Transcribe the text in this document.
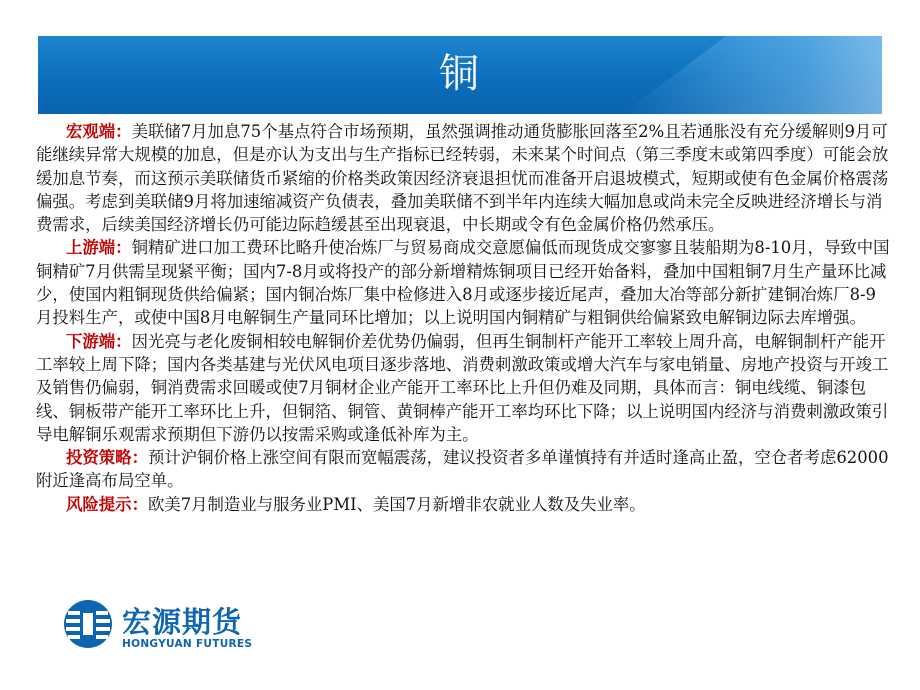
铜

宏观端：美联储7月加息75个基点符合市场预期，虽然强调推动通货膨胀回落至2%且若通胀没有充分缓解则9月可能继续异常大规模的加息，但是亦认为支出与生产指标已经转弱，未来某个时间点（第三季度末或第四季度）可能会放缓加息节奏，而这预示美联储货币紧缩的价格类政策因经济衰退担忧而准备开启退坡模式，短期或使有色金属价格震荡偏强。考虑到美联储9月将加速缩减资产负债表，叠加美联储不到半年内连续大幅加息或尚未完全反映进经济增长与消费需求，后续美国经济增长仍可能边际趋缓甚至出现衰退，中长期或令有色金属价格仍然承压。

上游端：铜精矿进口加工费环比略升使冶炼厂与贸易商成交意愿偏低而现货成交寥寥且装船期为8-10月，导致中国铜精矿7月供需呈现紧平衡；国内7-8月或将投产的部分新增精炼铜项目已经开始备料，叠加中国粗铜7月生产量环比减少，使国内粗铜现货供给偏紧；国内铜冶炼厂集中检修进入8月或逐步接近尾声，叠加大冶等部分新扩建铜冶炼厂8-9月投料生产，或使中国8月电解铜生产量同环比增加；以上说明国内铜精矿与粗铜供给偏紧致电解铜边际去库增强。

下游端：因光亮与老化废铜相较电解铜价差优势仍偏弱，但再生铜制杆产能开工率较上周升高，电解铜制杆产能开工率较上周下降；国内各类基建与光伏风电项目逐步落地、消费刺激政策或增大汽车与家电销量、房地产投资与开竣工及销售仍偏弱，铜消费需求回暖或使7月铜材企业产能开工率环比上升但仍难及同期，具体而言：铜电线缆、铜漆包线、铜板带产能开工率环比上升，但铜箔、铜管、黄铜棒产能开工率均环比下降；以上说明国内经济与消费刺激政策引导电解铜乐观需求预期但下游仍以按需采购或逢低补库为主。

投资策略：预计沪铜价格上涨空间有限而宽幅震荡，建议投资者多单谨慎持有并适时逢高止盈，空仓者考虑62000附近逢高布局空单。

风险提示：欧美7月制造业与服务业PMI、美国7月新增非农就业人数及失业率。

宏源期货
HONGYUAN FUTURES
